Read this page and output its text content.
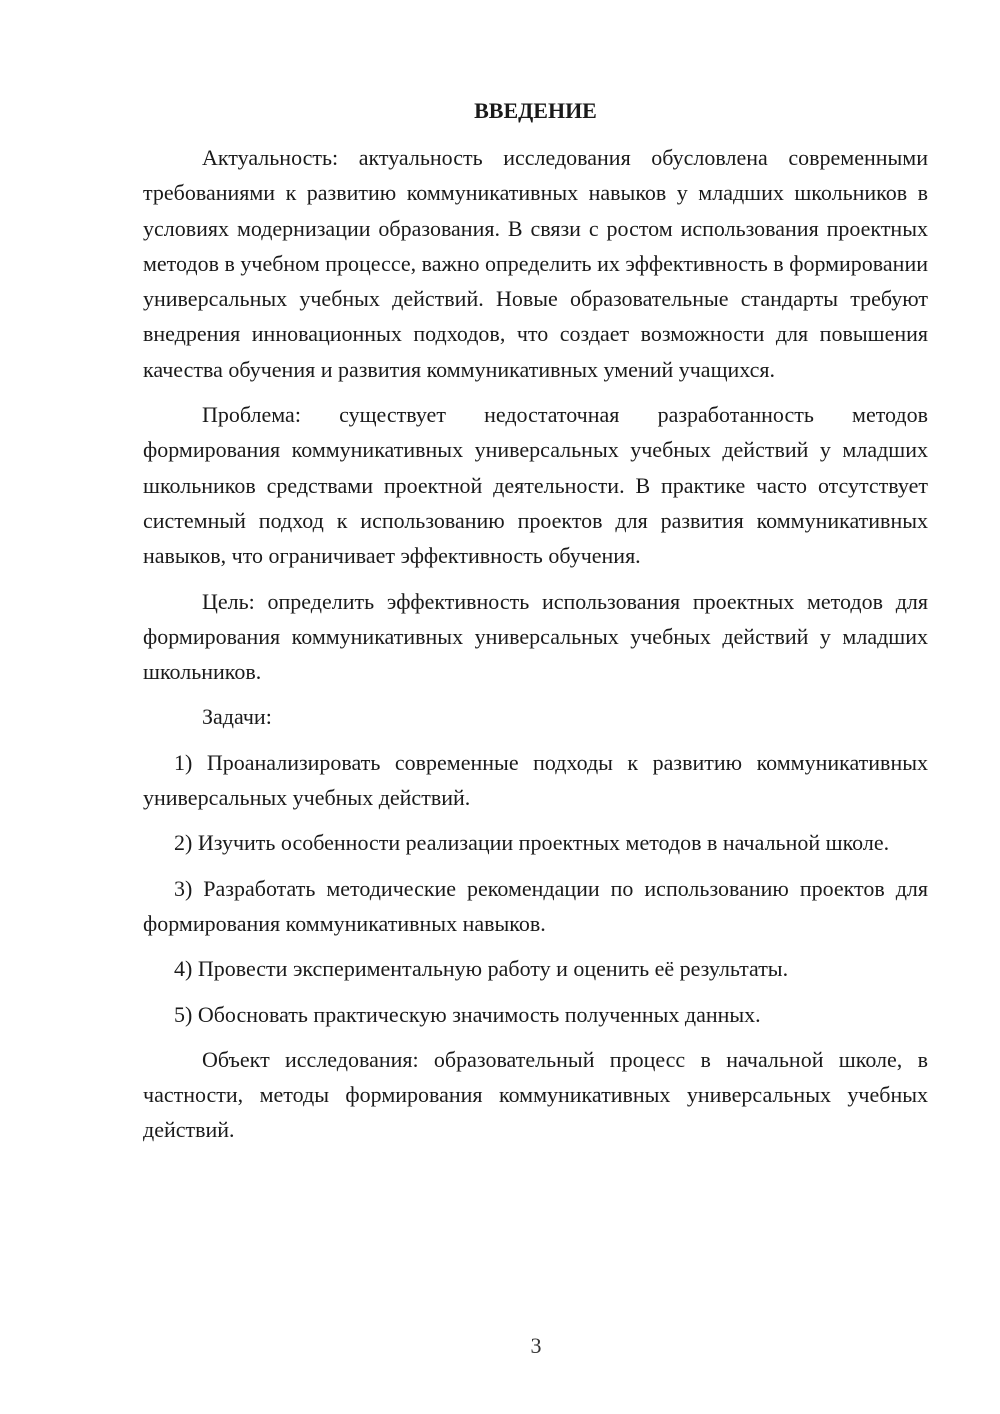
ВВЕДЕНИЕ

Актуальность: актуальность исследования обусловлена современными требованиями к развитию коммуникативных навыков у младших школьников в условиях модернизации образования. В связи с ростом использования проектных методов в учебном процессе, важно определить их эффективность в формировании универсальных учебных действий. Новые образовательные стандарты требуют внедрения инновационных подходов, что создает возможности для повышения качества обучения и развития коммуникативных умений учащихся.

Проблема: существует недостаточная разработанность методов формирования коммуникативных универсальных учебных действий у младших школьников средствами проектной деятельности. В практике часто отсутствует системный подход к использованию проектов для развития коммуникативных навыков, что ограничивает эффективность обучения.

Цель: определить эффективность использования проектных методов для формирования коммуникативных универсальных учебных действий у младших школьников.

Задачи:

1) Проанализировать современные подходы к развитию коммуникативных универсальных учебных действий.

2) Изучить особенности реализации проектных методов в начальной школе.

3) Разработать методические рекомендации по использованию проектов для формирования коммуникативных навыков.

4) Провести экспериментальную работу и оценить её результаты.

5) Обосновать практическую значимость полученных данных.

Объект исследования: образовательный процесс в начальной школе, в частности, методы формирования коммуникативных универсальных учебных действий.

3
